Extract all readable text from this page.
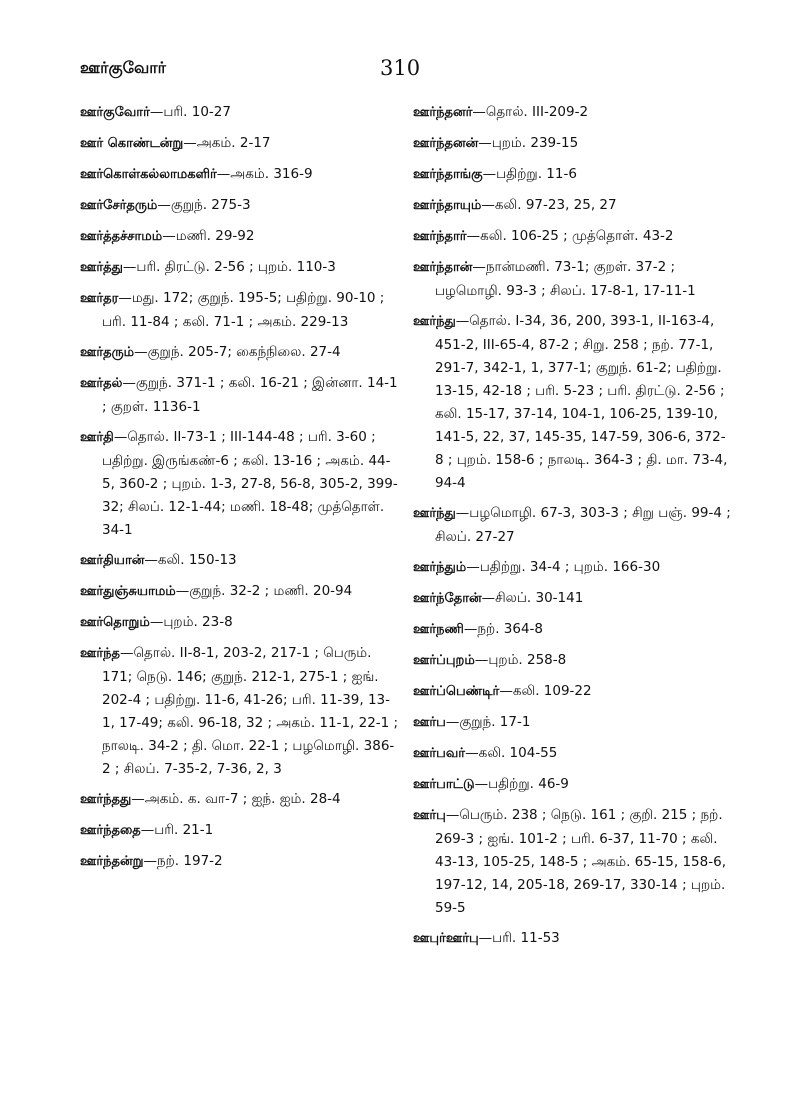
ஊர்குவோர்	310
ஊர்குவோர்—பரி. 10-27
ஊர் கொண்டன்று—அகம். 2-17
ஊர்கொள்கல்லாமகளிர்—அகம். 316-9
ஊர்சேர்தரும்—குறுந். 275-3
ஊர்த்தச்சாமம்—மணி. 29-92
ஊர்த்து—பரி. திரட்டு. 2-56 ; புறம். 110-3
ஊர்தர—மது. 172; குறுந். 195-5; பதிற்று. 90-10 ; பரி. 11-84 ; கலி. 71-1 ; அகம். 229-13
ஊர்தரும்—குறுந். 205-7; கைந்நிலை. 27-4
ஊர்தல்—குறுந். 371-1 ; கலி. 16-21 ; இன்னா. 14-1 ; குறள். 1136-1
ஊர்தி—தொல். II-73-1 ; III-144-48 ; பரி. 3-60 ; பதிற்று. இருங்கண்-6 ; கலி. 13-16 ; அகம். 44-5, 360-2 ; புறம். 1-3, 27-8, 56-8, 305-2, 399-32; சிலப். 12-1-44; மணி. 18-48; முத்தொள். 34-1
ஊர்தியான்—கலி. 150-13
ஊர்துஞ்சுயாமம்—குறுந். 32-2 ; மணி. 20-94
ஊர்தொறும்—புறம். 23-8
ஊர்ந்த—தொல். II-8-1, 203-2, 217-1 ; பெரும். 171; நெடு. 146; குறுந். 212-1, 275-1 ; ஐங். 202-4 ; பதிற்று. 11-6, 41-26; பரி. 11-39, 13-1, 17-49; கலி. 96-18, 32 ; அகம். 11-1, 22-1 ; நாலடி. 34-2 ; தி. மொ. 22-1 ; பழமொழி. 386-2 ; சிலப். 7-35-2, 7-36, 2, 3
ஊர்ந்தது—அகம். க. வா-7 ; ஐந். ஐம். 28-4
ஊர்ந்ததை—பரி. 21-1
ஊர்ந்தன்று—நற். 197-2
ஊர்ந்தனர்—தொல். III-209-2
ஊர்ந்தனன்—புறம். 239-15
ஊர்ந்தாங்கு—பதிற்று. 11-6
ஊர்ந்தாயும்—கலி. 97-23, 25, 27
ஊர்ந்தார்—கலி. 106-25 ; முத்தொள். 43-2
ஊர்ந்தான்—நான்மணி. 73-1; குறள். 37-2 ; பழமொழி. 93-3 ; சிலப். 17-8-1, 17-11-1
ஊர்ந்து—தொல். I-34, 36, 200, 393-1, II-163-4, 451-2, III-65-4, 87-2 ; சிறு. 258 ; நற். 77-1, 291-7, 342-1, 1, 377-1; குறுந். 61-2; பதிற்று. 13-15, 42-18 ; பரி. 5-23 ; பரி. திரட்டு. 2-56 ; கலி. 15-17, 37-14, 104-1, 106-25, 139-10, 141-5, 22, 37, 145-35, 147-59, 306-6, 372-8 ; புறம். 158-6 ; நாலடி. 364-3 ; தி. மா. 73-4, 94-4
ஊர்ந்து—பழமொழி. 67-3, 303-3 ; சிறு பஞ். 99-4 ; சிலப். 27-27
ஊர்ந்தும்—பதிற்று. 34-4 ; புறம். 166-30
ஊர்ந்தோன்—சிலப். 30-141
ஊர்நணி—நற். 364-8
ஊர்ப்புறம்—புறம். 258-8
ஊர்ப்பெண்டிர்—கலி. 109-22
ஊர்ப—குறுந். 17-1
ஊர்பவர்—கலி. 104-55
ஊர்பாட்டு—பதிற்று. 46-9
ஊர்பு—பெரும். 238 ; நெடு. 161 ; குறி. 215 ; நற். 269-3 ; ஐங். 101-2 ; பரி. 6-37, 11-70 ; கலி. 43-13, 105-25, 148-5 ; அகம். 65-15, 158-6, 197-12, 14, 205-18, 269-17, 330-14 ; புறம். 59-5
ஊபுர்ஊர்பு—பரி. 11-53
